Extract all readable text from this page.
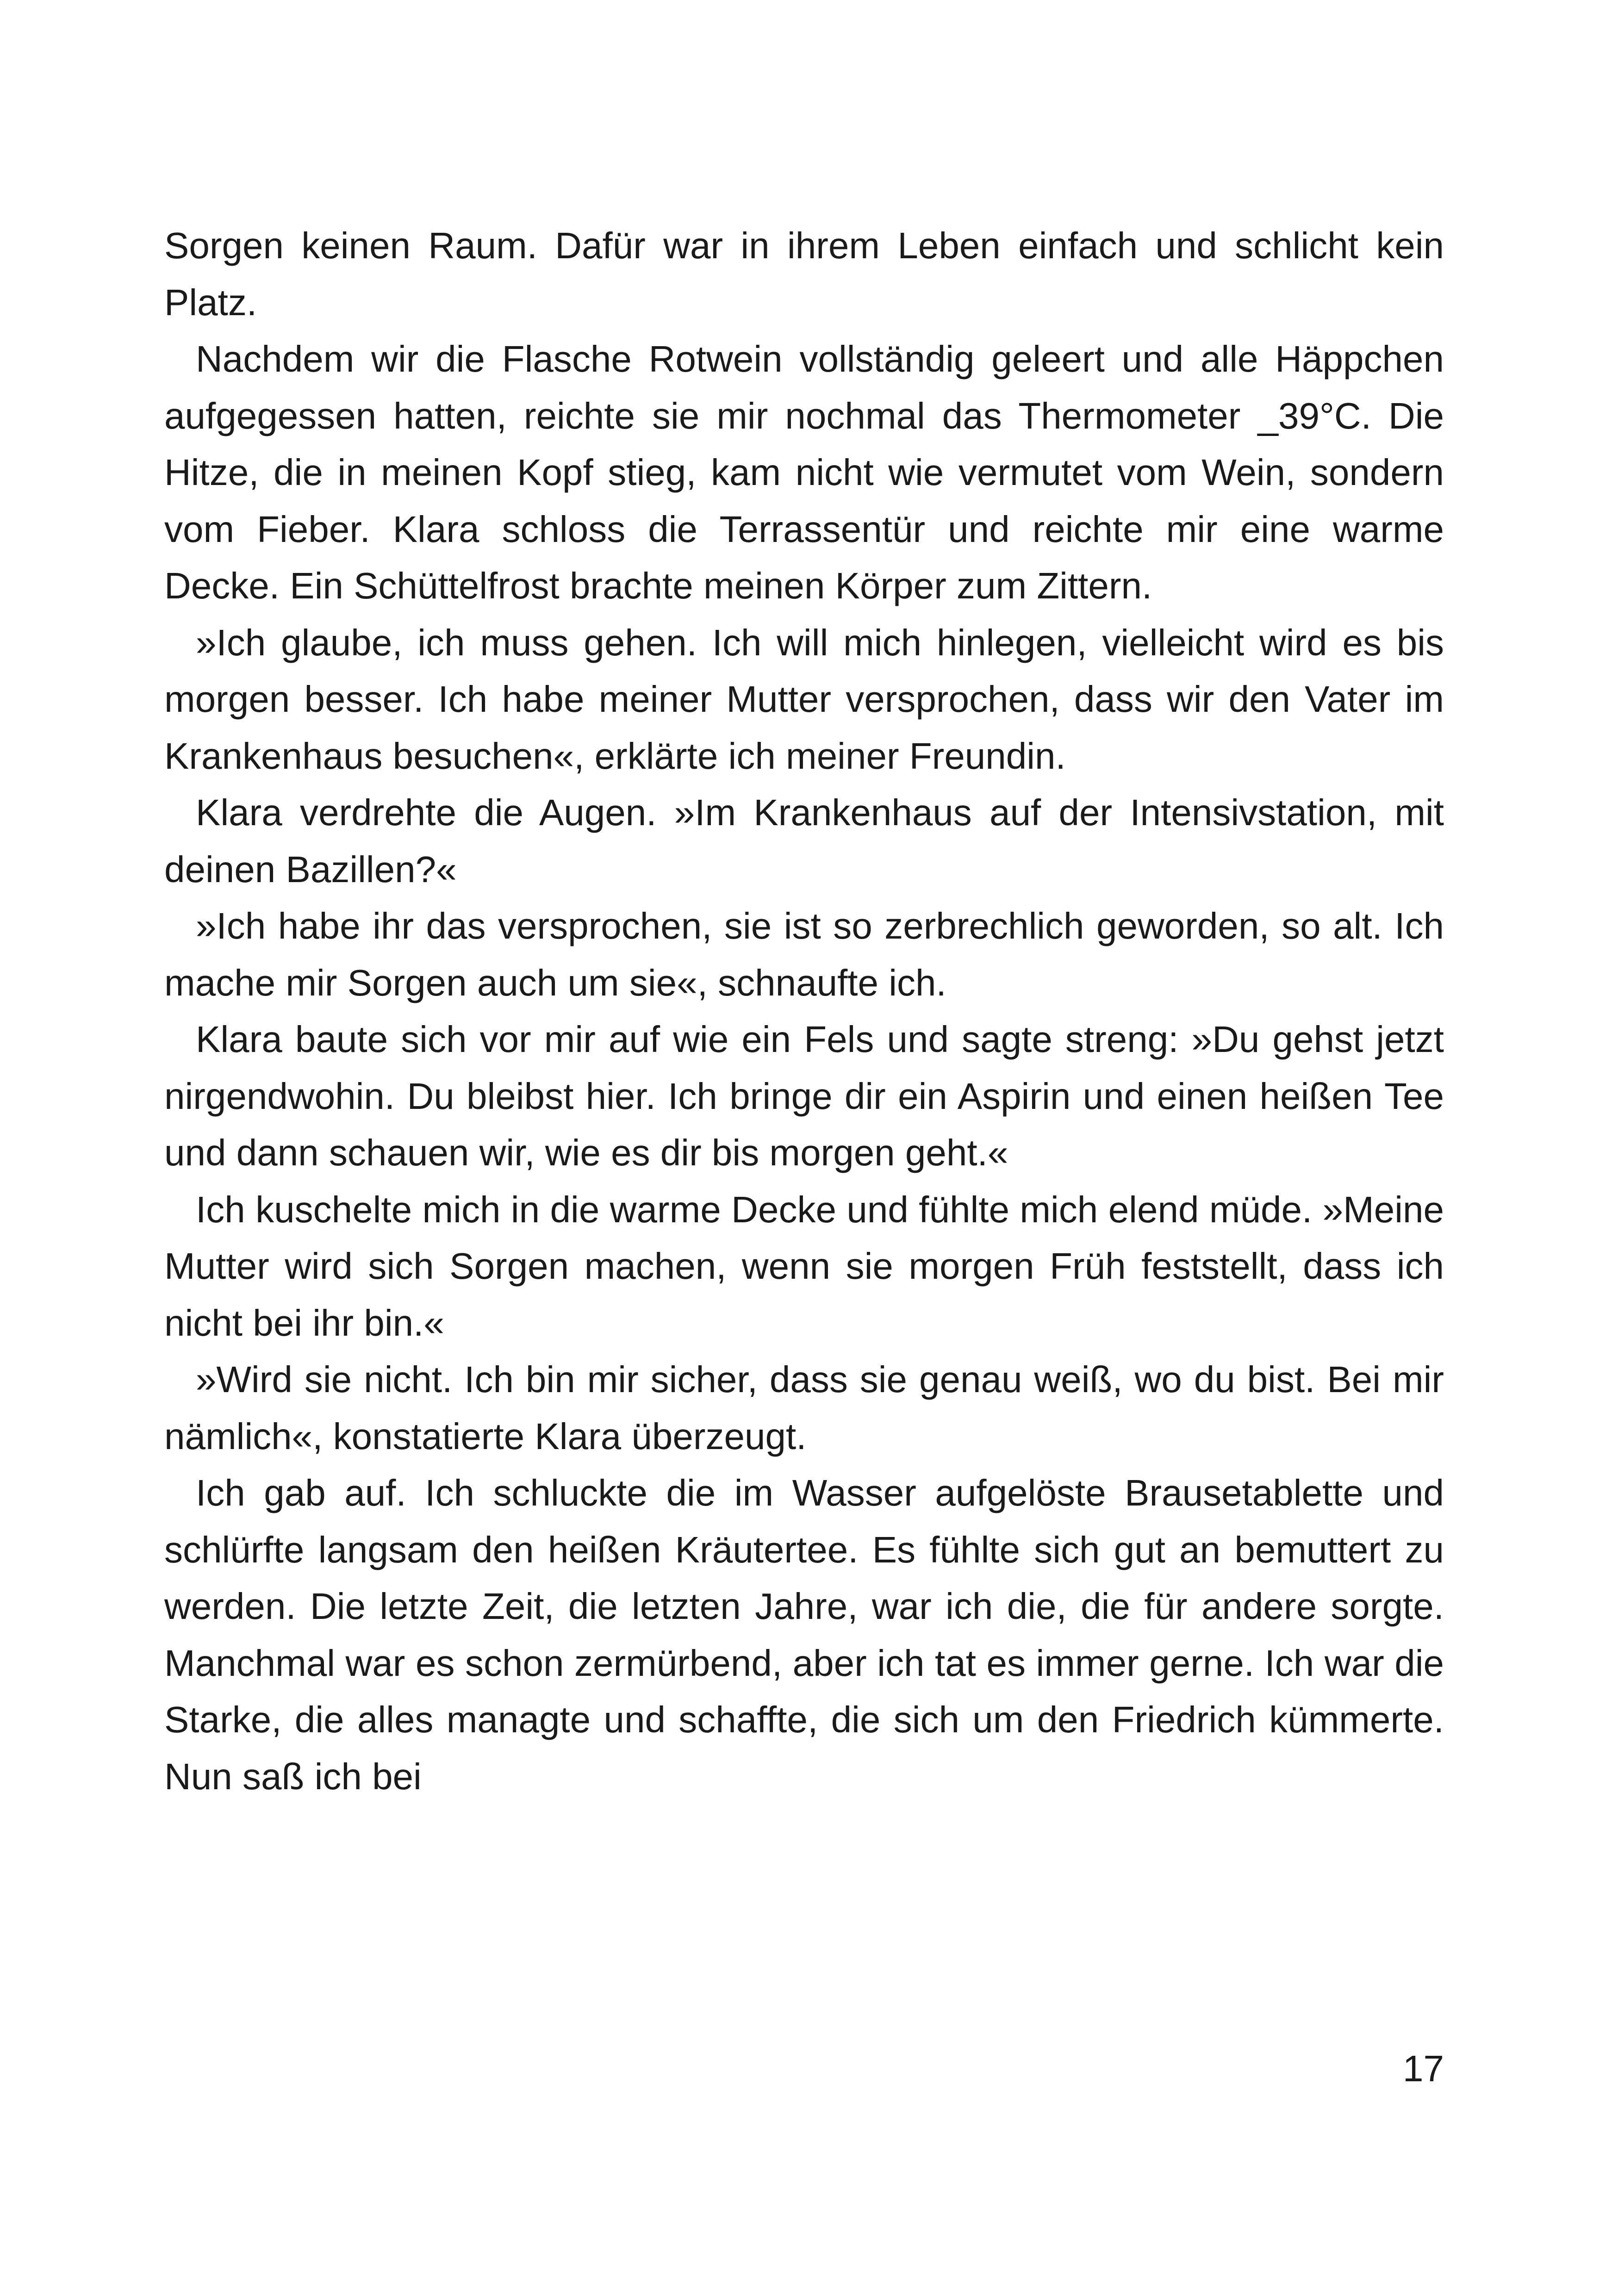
Sorgen keinen Raum. Dafür war in ihrem Leben einfach und schlicht kein Platz.

Nachdem wir die Flasche Rotwein vollständig geleert und alle Häppchen aufgegessen hatten, reichte sie mir nochmal das Thermometer _39°C. Die Hitze, die in meinen Kopf stieg, kam nicht wie vermutet vom Wein, sondern vom Fieber. Klara schloss die Terrassentür und reichte mir eine warme Decke. Ein Schüttelfrost brachte meinen Körper zum Zittern.

»Ich glaube, ich muss gehen. Ich will mich hinlegen, vielleicht wird es bis morgen besser. Ich habe meiner Mutter versprochen, dass wir den Vater im Krankenhaus besuchen«, erklärte ich meiner Freundin.

Klara verdrehte die Augen. »Im Krankenhaus auf der Intensivstation, mit deinen Bazillen?«

»Ich habe ihr das versprochen, sie ist so zerbrechlich geworden, so alt. Ich mache mir Sorgen auch um sie«, schnaufte ich.

Klara baute sich vor mir auf wie ein Fels und sagte streng: »Du gehst jetzt nirgendwohin. Du bleibst hier. Ich bringe dir ein Aspirin und einen heißen Tee und dann schauen wir, wie es dir bis morgen geht.«

Ich kuschelte mich in die warme Decke und fühlte mich elend müde. »Meine Mutter wird sich Sorgen machen, wenn sie morgen Früh feststellt, dass ich nicht bei ihr bin.«

»Wird sie nicht. Ich bin mir sicher, dass sie genau weiß, wo du bist. Bei mir nämlich«, konstatierte Klara überzeugt.

Ich gab auf. Ich schluckte die im Wasser aufgelöste Brausetablette und schlürfte langsam den heißen Kräutertee. Es fühlte sich gut an bemuttert zu werden. Die letzte Zeit, die letzten Jahre, war ich die, die für andere sorgte. Manchmal war es schon zermürbend, aber ich tat es immer gerne. Ich war die Starke, die alles managte und schaffte, die sich um den Friedrich kümmerte. Nun saß ich bei

17
